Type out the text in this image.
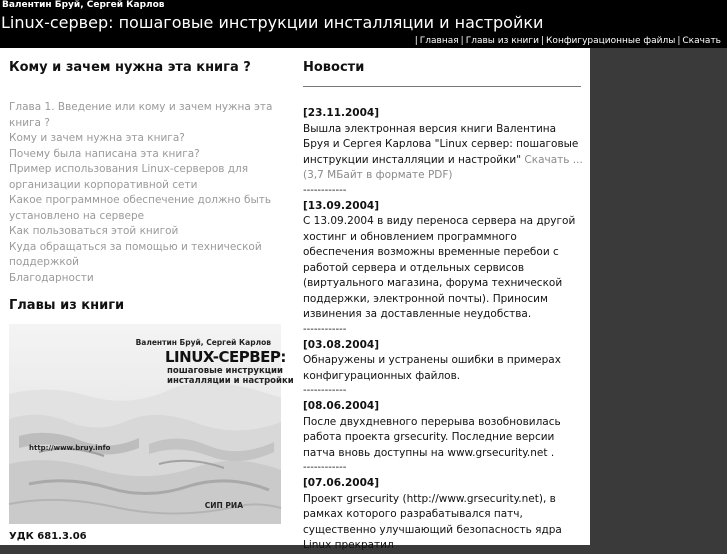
Валентин Бруй, Сергей Карлов
Linux-сервер: пошаговые инструкции инсталляции и настройки
| Главная | Главы из книги | Конфигурационные файлы | Скачать
Кому и зачем нужна эта книга ?
Глава 1. Введение или кому и зачем нужна эта книга ?
Кому и зачем нужна эта книга?
Почему была написана эта книга?
Пример использования Linux-серверов для организации корпоративной сети
Какое программное обеспечение должно быть установлено на сервере
Как пользоваться этой книгой
Куда обращаться за помощью и технической поддержкой
Благодарности
Главы из книги
Валентин Бруй, Сергей Карлов
LINUX-СЕРВЕР:
пошаговые инструкции
инсталляции и настройки
http://www.bruy.info
СИП РИА
УДК 681.3.06
Новости
[23.11.2004]
Вышла электронная версия книги Валентина Бруя и Сергея Карлова "Linux сервер: пошаговые инструкции инсталляции и настройки" Скачать ... (3,7 МБайт в формате PDF)
------------
[13.09.2004]
С 13.09.2004 в виду переноса сервера на другой хостинг и обновлением программного обеспечения возможны временные перебои с работой сервера и отдельных сервисов (виртуального магазина, форума технической поддержки, электронной почты). Приносим извинения за доставленные неудобства.
------------
[03.08.2004]
Обнаружены и устранены ошибки в примерах конфигурационных файлов.
------------
[08.06.2004]
После двухдневного перерыва возобновилась работа проекта grsecurity. Последние версии патча вновь доступны на www.grsecurity.net .
------------
[07.06.2004]
Проект grsecurity (http://www.grsecurity.net), в рамках которого разрабатывался патч, существенно улучшающий безопасность ядра Linux прекратил
